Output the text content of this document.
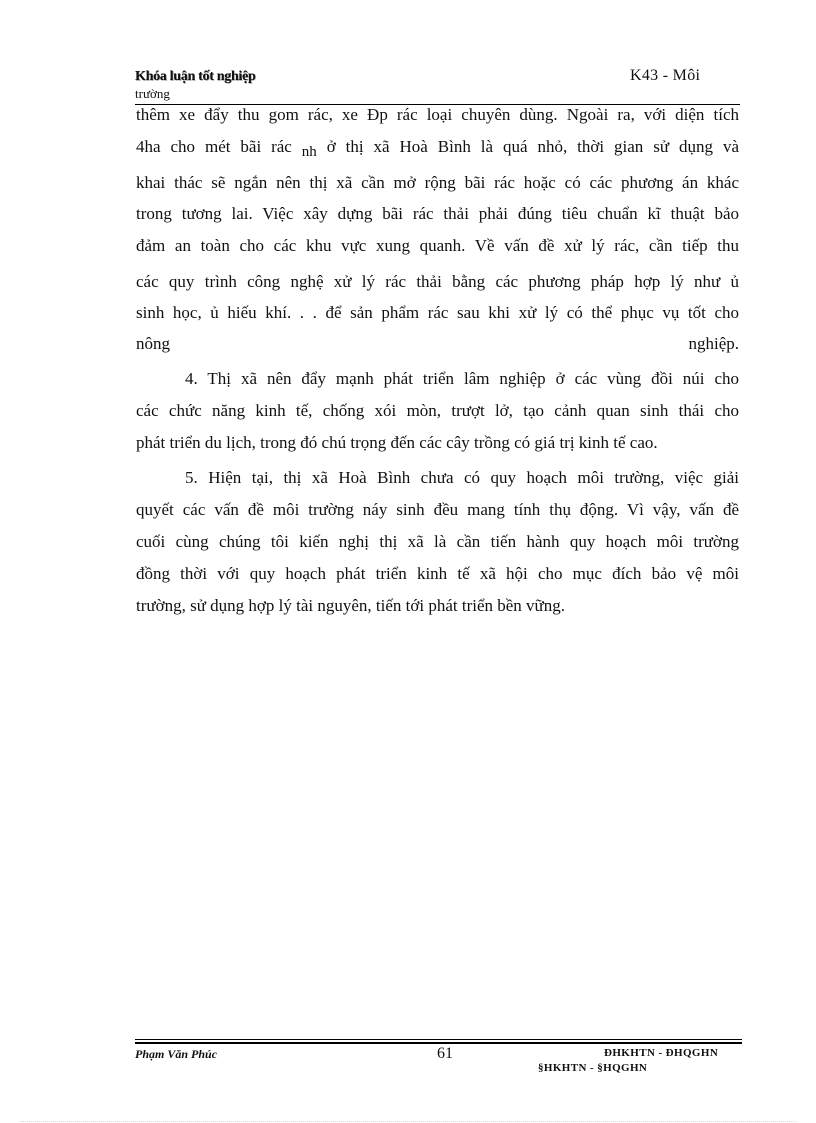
Khóa luận tốt nghiệp
trường
K43 - Môi
thêm xe đẩy thu gom rác, xe Đp rác loại chuyên dùng. Ngoài ra, với diện tích
4ha cho mét bãi rác nh ở thị xã Hoà Bình là quá nhỏ, thời gian sử dụng và
khai thác sẽ ngắn nên thị xã cần mở rộng bãi rác hoặc có các phương án khác
trong tương lai. Việc xây dựng bãi rác thải phải đúng tiêu chuẩn kĩ thuật bảo
đảm an toàn cho các khu vực xung quanh. Về vấn đề xử lý rác, cần tiếp thu
các quy trình công nghệ xử lý rác thải bằng các phương pháp hợp lý như ủ
sinh học, ủ hiếu khí. . . để sản phẩm rác sau khi xử lý có thể phục vụ tốt cho
nông	nghiệp.
4. Thị xã nên đẩy mạnh phát triển lâm nghiệp ở các vùng đồi núi cho
các chức năng kinh tế, chống xói mòn, trượt lở, tạo cảnh quan sinh thái cho
phát triển du lịch, trong đó chú trọng đến các cây trồng có giá trị kinh tế cao.
5. Hiện tại, thị xã Hoà Bình chưa có quy hoạch môi trường, việc giải
quyết các vấn đề môi trường náy sinh đều mang tính thụ động. Vì vậy, vấn đề
cuối cùng chúng tôi kiến nghị thị xã là cần tiến hành quy hoạch môi trường
đồng thời với quy hoạch phát triển kinh tế xã hội cho mục đích bảo vệ môi
trường, sử dụng hợp lý tài nguyên, tiến tới phát triển bền vững.
Phạm Văn Phúc	61	ĐHKHTN - ĐHQGHN
§HKHTN - §HQGHN
